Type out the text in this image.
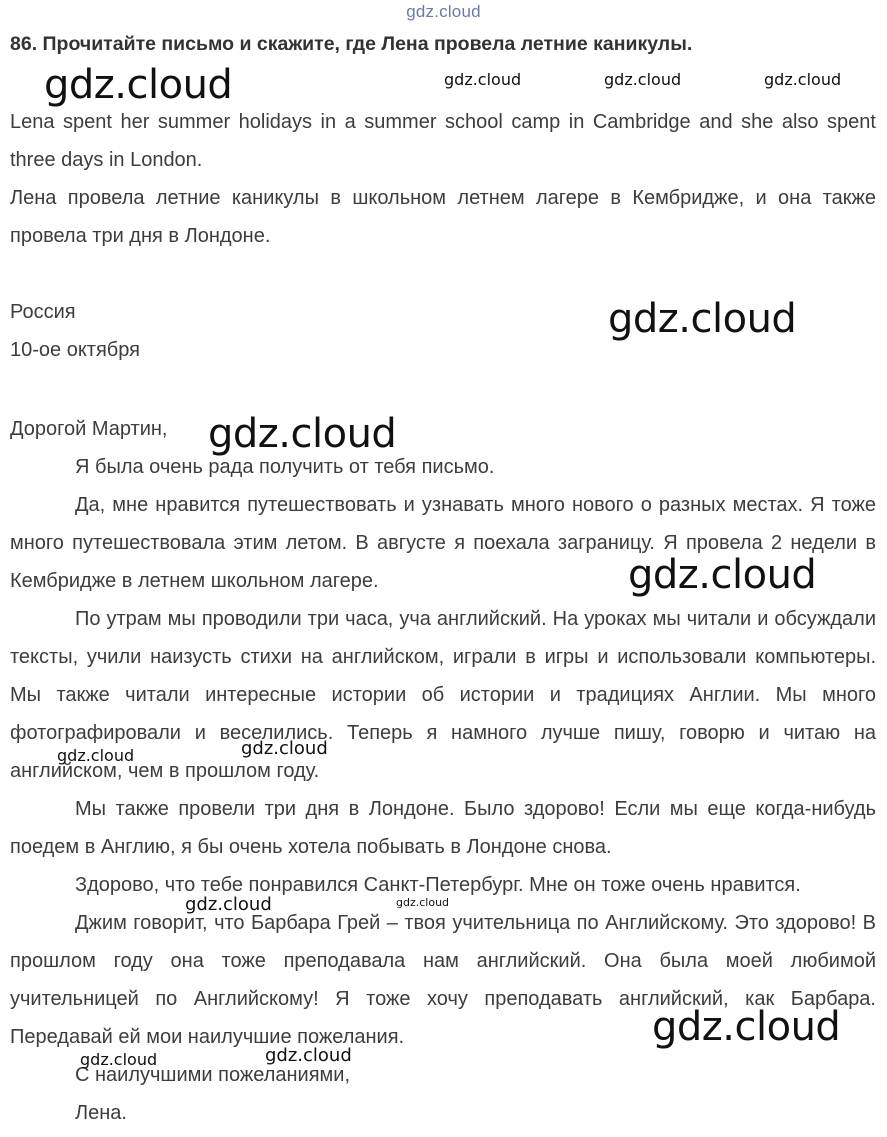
gdz.cloud
86. Прочитайте письмо и скажите, где Лена провела летние каникулы.

Lena spent her summer holidays in a summer school camp in Cambridge and she also spent three days in London.

Лена провела летние каникулы в школьном летнем лагере в Кембридже, и она также провела три дня в Лондоне.

Россия

10-ое октября

Дорогой Мартин,

Я была очень рада получить от тебя письмо.

Да, мне нравится путешествовать и узнавать много нового о разных местах. Я тоже много путешествовала этим летом. В августе я поехала заграницу. Я провела 2 недели в Кембридже в летнем школьном лагере.

По утрам мы проводили три часа, уча английский. На уроках мы читали и обсуждали тексты, учили наизусть стихи на английском, играли в игры и использовали компьютеры. Мы также читали интересные истории об истории и традициях Англии. Мы много фотографировали и веселились. Теперь я намного лучше пишу, говорю и читаю на английском, чем в прошлом году.

Мы также провели три дня в Лондоне. Было здорово! Если мы еще когда-нибудь поедем в Англию, я бы очень хотела побывать в Лондоне снова.

Здорово, что тебе понравился Санкт-Петербург. Мне он тоже очень нравится.

Джим говорит, что Барбара Грей – твоя учительница по Английскому. Это здорово! В прошлом году она тоже преподавала нам английский. Она была моей любимой учительницей по Английскому! Я тоже хочу преподавать английский, как Барбара. Передавай ей мои наилучшие пожелания.

С наилучшими пожеланиями,

Лена.

gdz.cloud	gdz.cloud	gdz.cloud	gdz.cloud
gdz.cloud
gdz.cloud
gdz.cloud
gdz.cloud	gdz.cloud
gdz.cloud	gdz.cloud
gdz.cloud
gdz.cloud	gdz.cloud
